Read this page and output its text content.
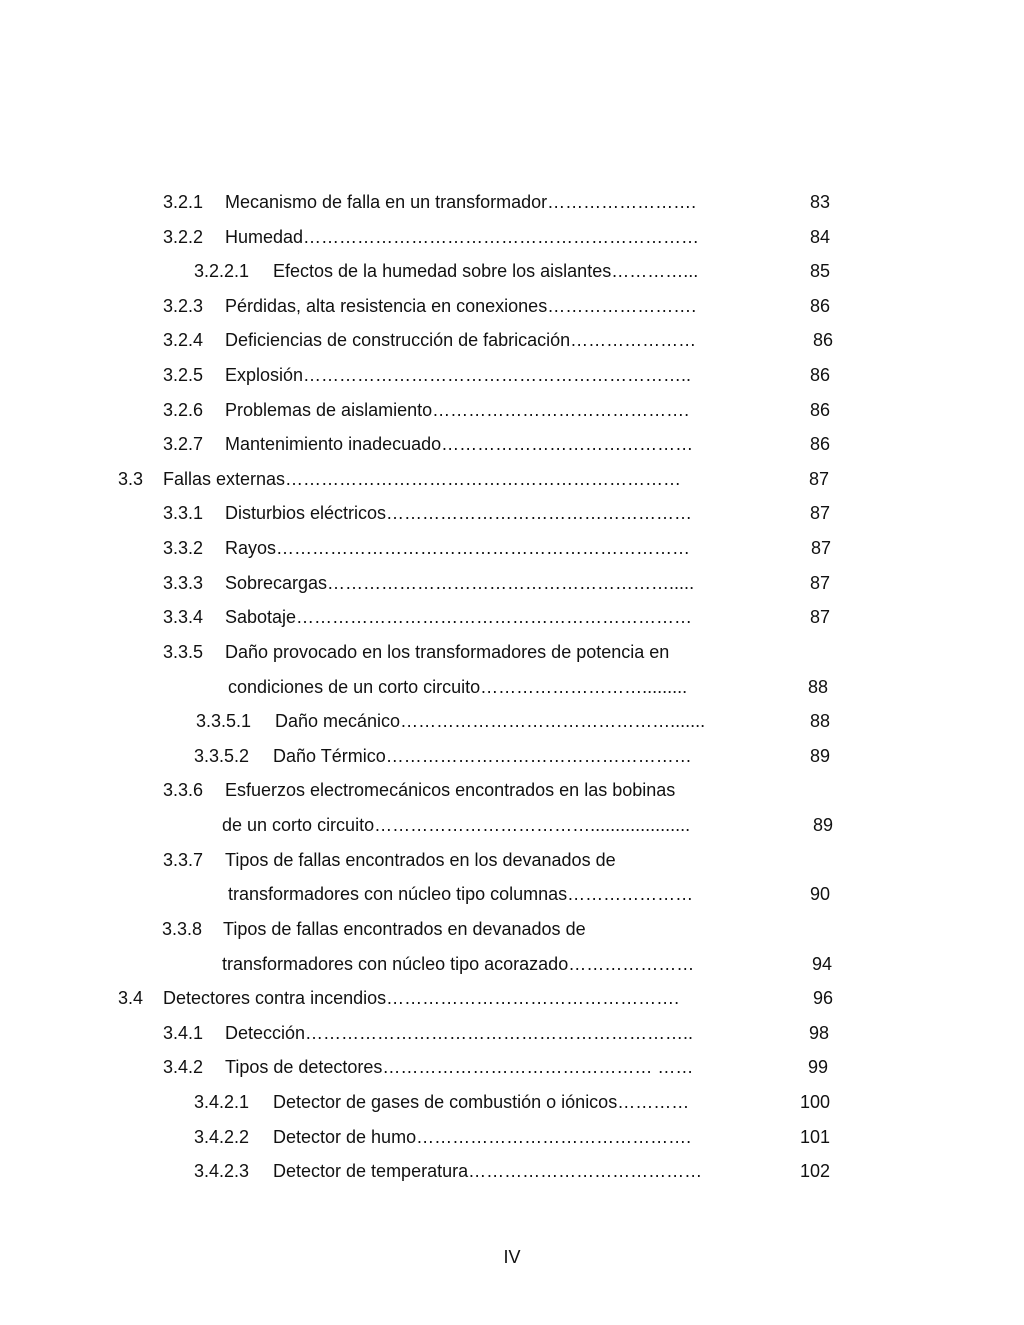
3.2.1 Mecanismo de falla en un transformador…………………….	83
3.2.2 Humedad…………………………………………………………	84
3.2.2.1 Efectos de la humedad sobre los aislantes…………...	85
3.2.3 Pérdidas, alta resistencia en conexiones…………………….	86
3.2.4 Deficiencias de construcción de fabricación…………………	86
3.2.5 Explosión………………………………………………………..	86
3.2.6 Problemas de aislamiento…………………………………….	86
3.2.7 Mantenimiento inadecuado……………………………………	86
3.3 Fallas externas…………………………………………………………	87
3.3.1 Disturbios eléctricos……………………………………………	87
3.3.2 Rayos……………………………………………………………	87
3.3.3 Sobrecargas………………………………………………….....	87
3.3.4 Sabotaje…………………………………………………………	87
3.3.5 Daño provocado en los transformadores de potencia en
condiciones de un corto circuito……………………….........	88
3.3.5.1 Daño mecánico……………………………………….......	88
3.3.5.2 Daño Térmico……………………………………………	89
3.3.6 Esfuerzos electromecánicos encontrados en las bobinas
de un corto circuito………………………………....................	89
3.3.7 Tipos de fallas encontrados en los devanados de
transformadores con núcleo tipo columnas…………………	90
3.3.8 Tipos de fallas encontrados en devanados de
transformadores con núcleo tipo acorazado…………………	94
3.4 Detectores contra incendios………………………………………….	96
3.4.1 Detección………………………………………………………..	98
3.4.2 Tipos de detectores……………………………………… ……	99
3.4.2.1 Detector de gases de combustión o iónicos…………	100
3.4.2.2 Detector de humo……………………………………….	101
3.4.2.3 Detector de temperatura…………………………………	102
IV
